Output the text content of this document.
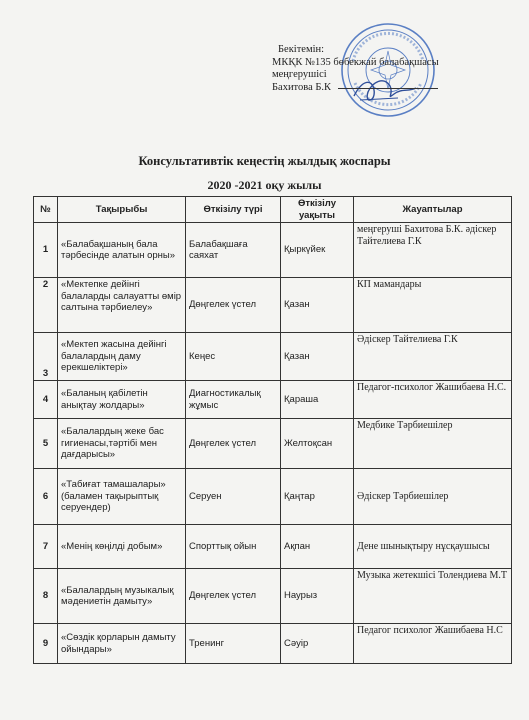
Бекітемін:
МКҚК №135 бөбекжай балабақшасы
меңгерушісі
Бахитова Б.К
Консультативтік кеңестің жылдық жоспары
2020 -2021 оқу жылы
№	Тақырыбы	Өткізілу түрі	Өткізілу уақыты	Жауаптылар
1	«Балабақшаның бала тәрбесінде алатын орны»	Балабақшаға саяхат	Қыркүйек	меңгеруші Бахитова Б.К. әдіскер Тайтелиева Г.К
2	«Мектепке дейінгі балаларды салауатты өмір салтына тәрбиелеу»	Дөңгелек үстел	Қазан	КП мамандары
3	«Мектеп жасына дейінгі балалардың даму ерекшеліктері»	Кеңес	Қазан	Әдіскер Тайтелиева Г.К
4	«Баланың қабілетін анықтау жолдары»	Диагностикалық жұмыс	Қараша	Педагог-психолог Жашибаева Н.С.
5	«Балалардың жеке бас гигиенасы,тәртібі мен дағдарысы»	Дөңгелек үстел	Желтоқсан	Медбике Тәрбиешілер
6	«Табиғат тамашалары» (баламен тақырыптық серуендер)	Серуен	Қаңтар	Әдіскер Тәрбиешілер
7	«Менің көңілді добым»	Спорттық ойын	Ақпан	Дене шынықтыру нұсқаушысы
8	«Балалардың музыкалық мәдениетін дамыту»	Дөңгелек үстел	Наурыз	Музыка жетекшісі Толендиева М.Т
9	«Сөздік қорларын дамыту ойындары»	Тренинг	Сәуір	Педагог психолог Жашибаева Н.С
